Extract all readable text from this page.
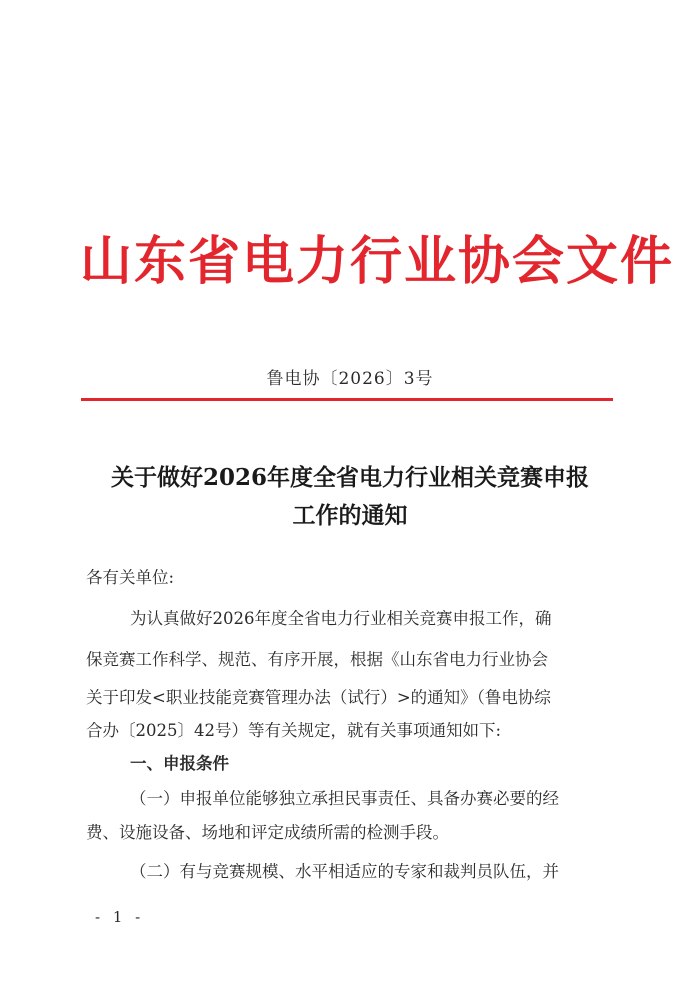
山东省电力行业协会文件
鲁电协〔2026〕3号
关于做好2026年度全省电力行业相关竞赛申报
工作的通知
各有关单位:
为认真做好2026年度全省电力行业相关竞赛申报工作，确
保竞赛工作科学、规范、有序开展，根据《山东省电力行业协会
关于印发<职业技能竞赛管理办法（试行）>的通知》（鲁电协综
合办〔2025〕42号）等有关规定，就有关事项通知如下:
一、申报条件
（一）申报单位能够独立承担民事责任、具备办赛必要的经
费、设施设备、场地和评定成绩所需的检测手段。
（二）有与竞赛规模、水平相适应的专家和裁判员队伍，并
- 1 -
